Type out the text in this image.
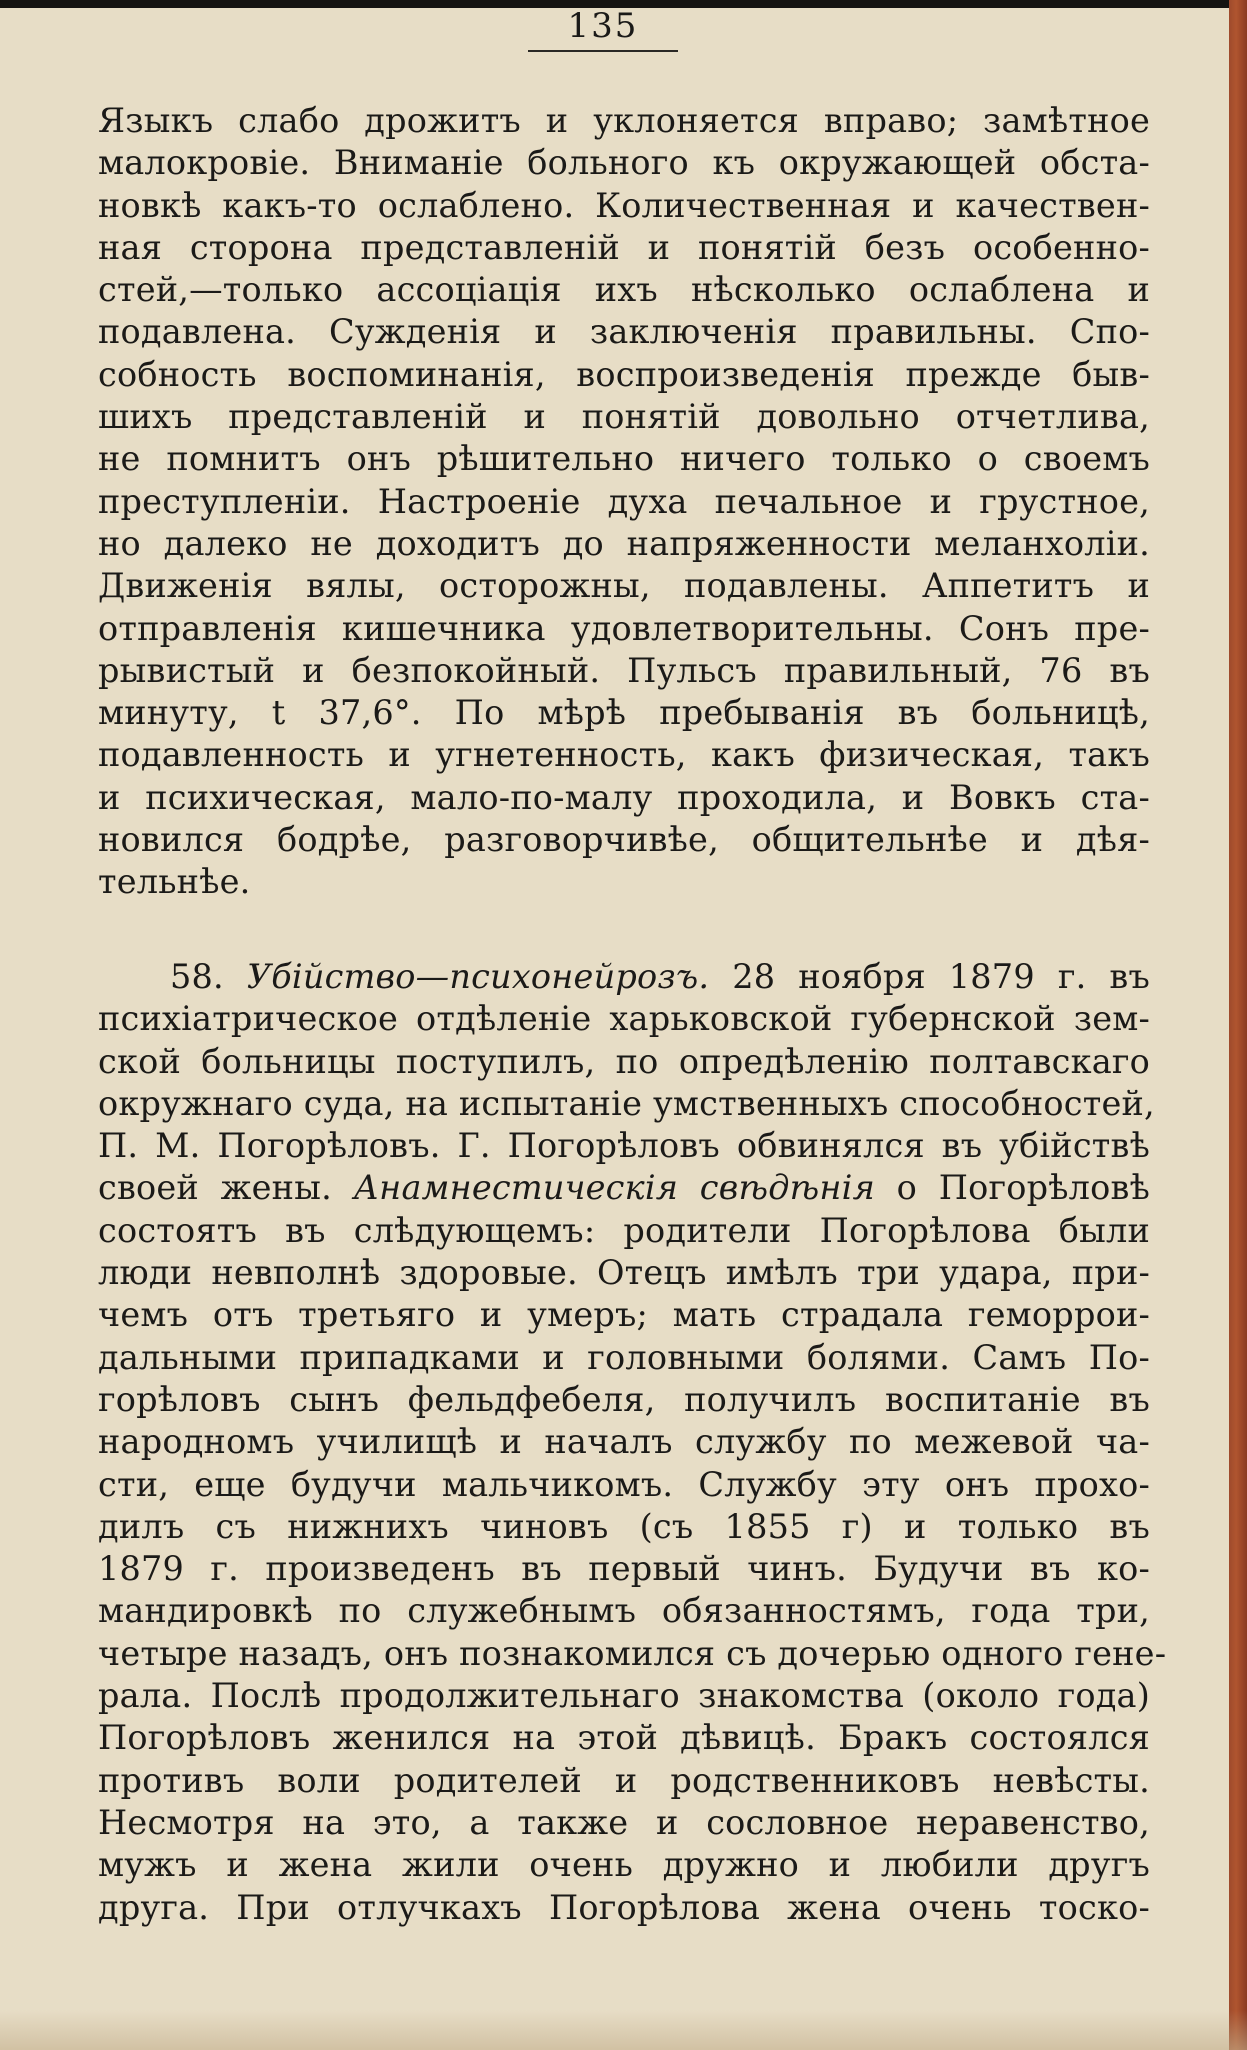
135
Языкъ слабо дрожитъ и уклоняется вправо; замѣтное
малокровіе. Вниманіе больного къ окружающей обста-
новкѣ какъ-то ослаблено. Количественная и качествен-
ная сторона представленій и понятій безъ особенно-
стей,—только ассоціація ихъ нѣсколько ослаблена и
подавлена. Сужденія и заключенія правильны. Спо-
собность воспоминанія, воспроизведенія прежде быв-
шихъ представленій и понятій довольно отчетлива,
не помнитъ онъ рѣшительно ничего только о своемъ
преступленіи. Настроеніе духа печальное и грустное,
но далеко не доходитъ до напряженности меланхоліи.
Движенія вялы, осторожны, подавлены. Аппетитъ и
отправленія кишечника удовлетворительны. Сонъ пре-
рывистый и безпокойный. Пульсъ правильный, 76 въ
минуту, t 37,6°. По мѣрѣ пребыванія въ больницѣ,
подавленность и угнетенность, какъ физическая, такъ
и психическая, мало-по-малу проходила, и Вовкъ ста-
новился бодрѣе, разговорчивѣе, общительнѣе и дѣя-
тельнѣе.
58. Убійство—психонейрозъ. 28 ноября 1879 г. въ
психіатрическое отдѣленіе харьковской губернской зем-
ской больницы поступилъ, по опредѣленію полтавскаго
окружнаго суда, на испытаніе умственныхъ способностей,
П. М. Погорѣловъ. Г. Погорѣловъ обвинялся въ убійствѣ
своей жены. Анамнестическія свѣдѣнія о Погорѣловѣ
состоятъ въ слѣдующемъ: родители Погорѣлова были
люди невполнѣ здоровые. Отецъ имѣлъ три удара, при-
чемъ отъ третьяго и умеръ; мать страдала геморрои-
дальными припадками и головными болями. Самъ По-
горѣловъ сынъ фельдфебеля, получилъ воспитаніе въ
народномъ училищѣ и началъ службу по межевой ча-
сти, еще будучи мальчикомъ. Службу эту онъ прохо-
дилъ съ нижнихъ чиновъ (съ 1855 г) и только въ
1879 г. произведенъ въ первый чинъ. Будучи въ ко-
мандировкѣ по служебнымъ обязанностямъ, года три,
четыре назадъ, онъ познакомился съ дочерью одного гене-
рала. Послѣ продолжительнаго знакомства (около года)
Погорѣловъ женился на этой дѣвицѣ. Бракъ состоялся
противъ воли родителей и родственниковъ невѣсты.
Несмотря на это, а также и сословное неравенство,
мужъ и жена жили очень дружно и любили другъ
друга. При отлучкахъ Погорѣлова жена очень тоско-
